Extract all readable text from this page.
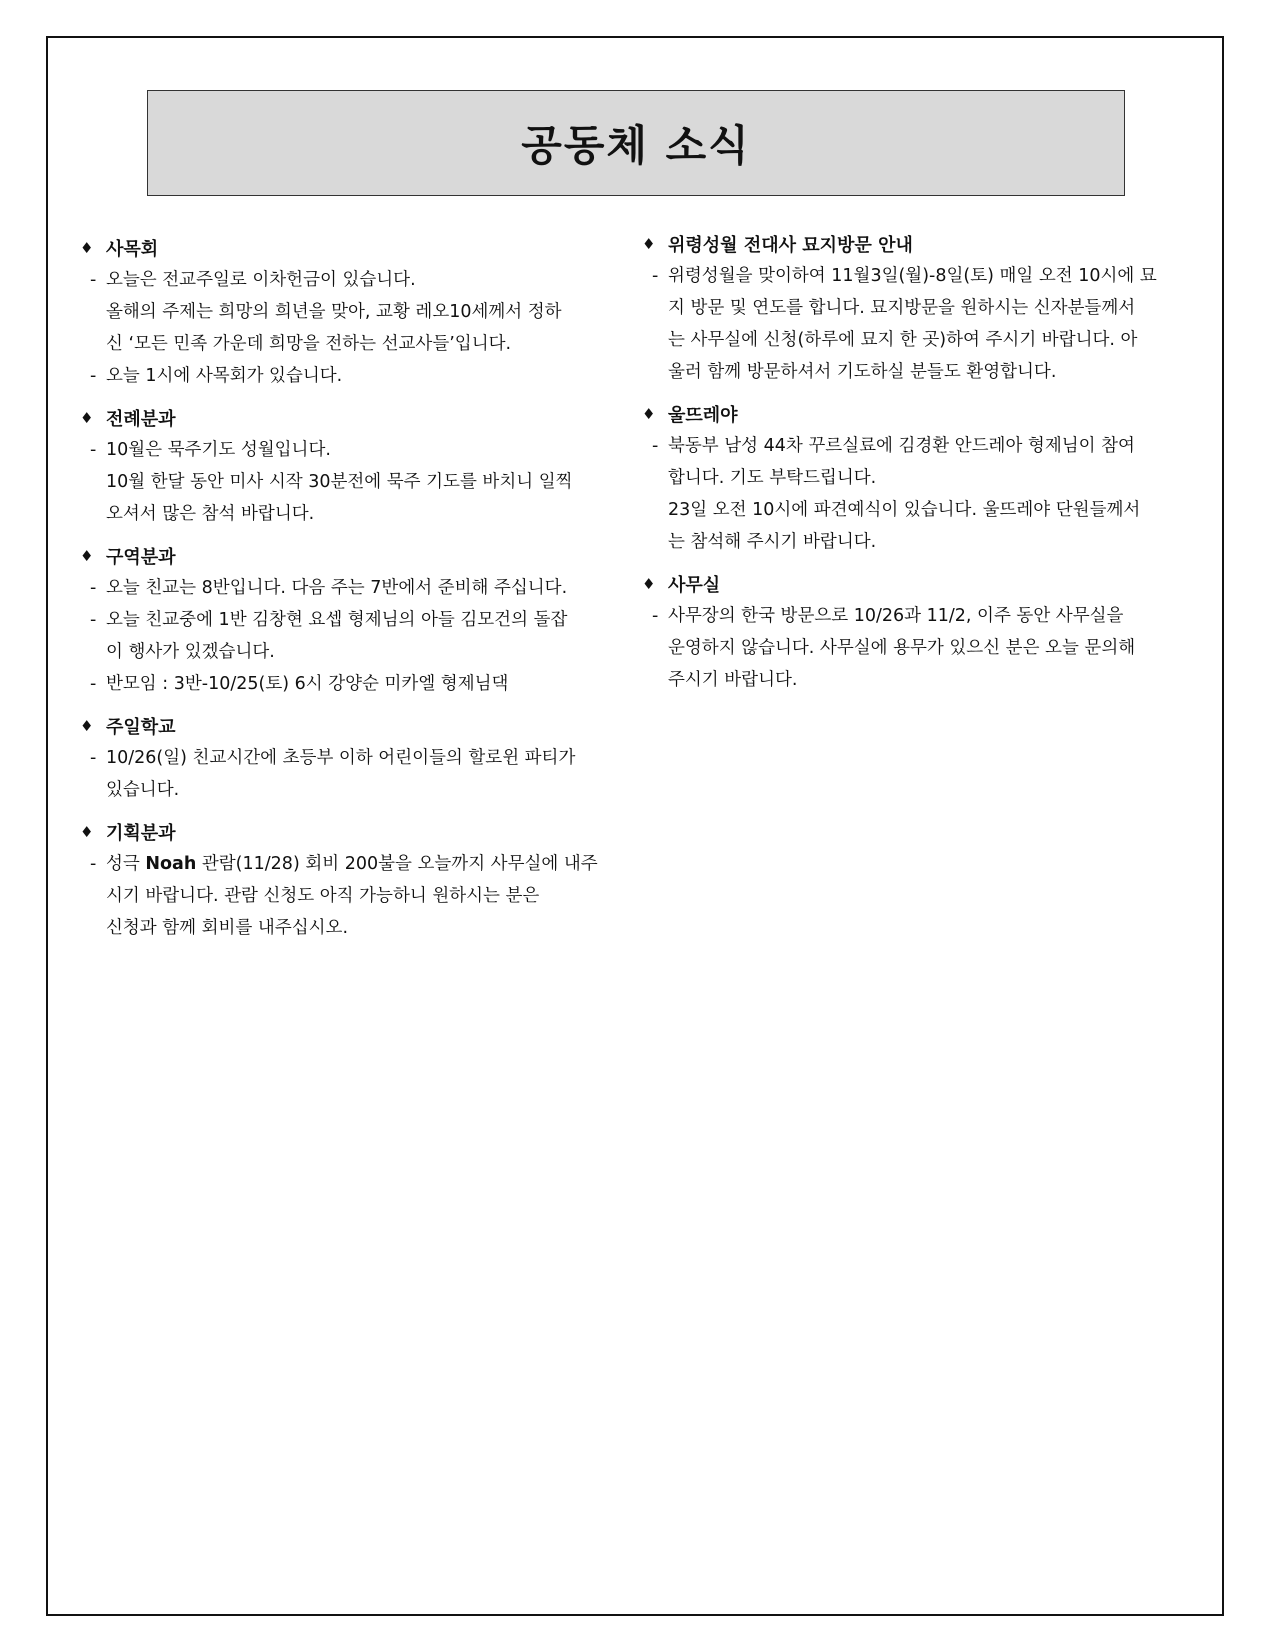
공동체 소식
♦ 사목회
- 오늘은 전교주일로 이차헌금이 있습니다.
올해의 주제는 희망의 희년을 맞아, 교황 레오10세께서 정하
신 ‘모든 민족 가운데 희망을 전하는 선교사들’입니다.
- 오늘 1시에 사목회가 있습니다.
♦ 전례분과
- 10월은 묵주기도 성월입니다.
10월 한달 동안 미사 시작 30분전에 묵주 기도를 바치니 일찍
오셔서 많은 참석 바랍니다.
♦ 구역분과
- 오늘 친교는 8반입니다. 다음 주는 7반에서 준비해 주십니다.
- 오늘 친교중에 1반 김창현 요셉 형제님의 아들 김모건의 돌잡
이 행사가 있겠습니다.
- 반모임 : 3반-10/25(토) 6시 강양순 미카엘 형제님댁
♦ 주일학교
- 10/26(일) 친교시간에 초등부 이하 어린이들의 할로윈 파티가
있습니다.
♦ 기획분과
- 성극 Noah 관람(11/28) 회비 200불을 오늘까지 사무실에 내주
시기 바랍니다. 관람 신청도 아직 가능하니 원하시는 분은
신청과 함께 회비를 내주십시오.
♦ 위령성월 전대사 묘지방문 안내
- 위령성월을 맞이하여 11월3일(월)-8일(토) 매일 오전 10시에 묘
지 방문 및 연도를 합니다. 묘지방문을 원하시는 신자분들께서
는 사무실에 신청(하루에 묘지 한 곳)하여 주시기 바랍니다. 아
울러 함께 방문하셔서 기도하실 분들도 환영합니다.
♦ 울뜨레야
- 북동부 남성 44차 꾸르실료에 김경환 안드레아 형제님이 참여
합니다. 기도 부탁드립니다.
23일 오전 10시에 파견예식이 있습니다. 울뜨레야 단원들께서
는 참석해 주시기 바랍니다.
♦ 사무실
- 사무장의 한국 방문으로 10/26과 11/2, 이주 동안 사무실을
운영하지 않습니다. 사무실에 용무가 있으신 분은 오늘 문의해
주시기 바랍니다.
